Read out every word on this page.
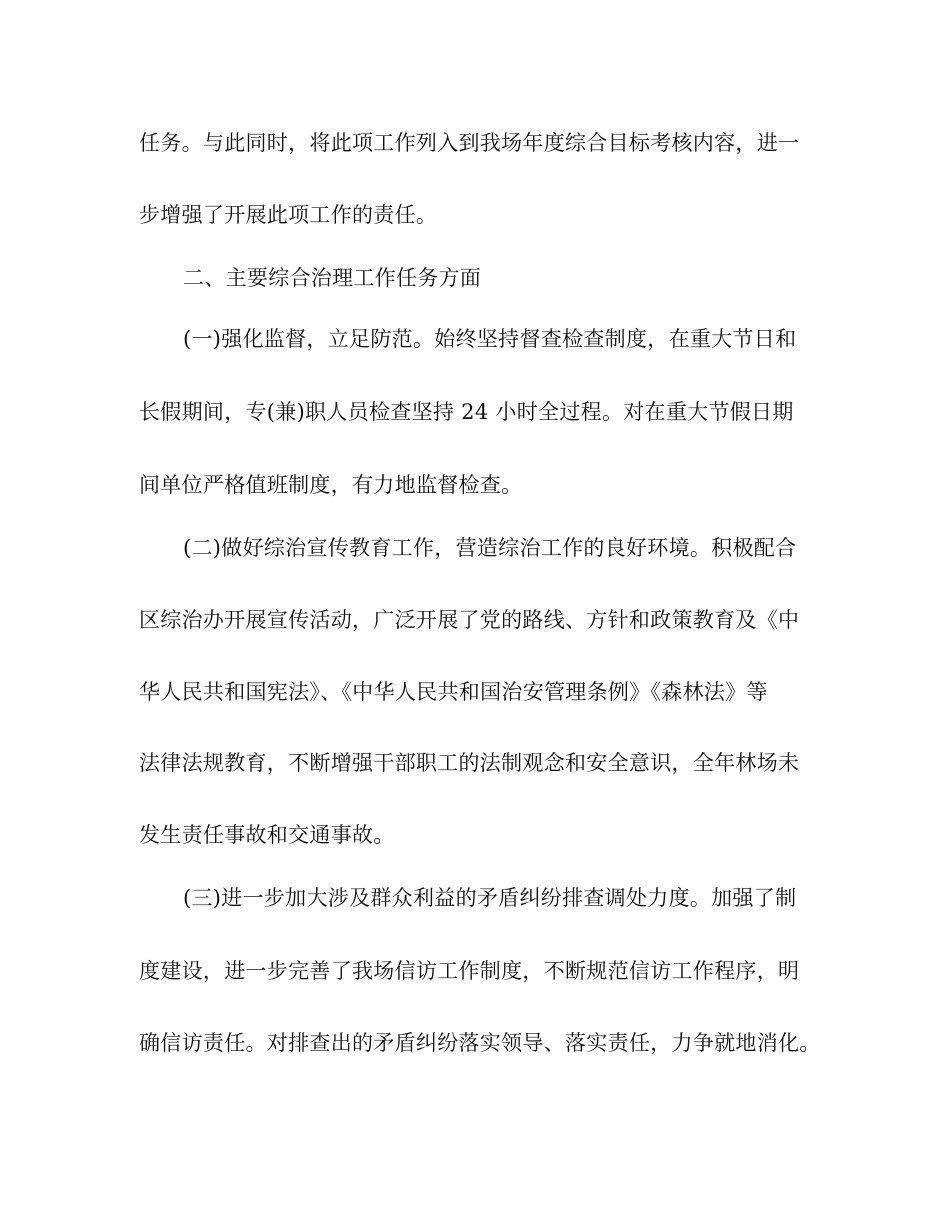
任务。与此同时，将此项工作列入到我场年度综合目标考核内容，进一
步增强了开展此项工作的责任。
二、主要综合治理工作任务方面
(一)强化监督，立足防范。始终坚持督查检查制度，在重大节日和
长假期间，专(兼)职人员检查坚持 24 小时全过程。对在重大节假日期
间单位严格值班制度，有力地监督检查。
(二)做好综治宣传教育工作，营造综治工作的良好环境。积极配合
区综治办开展宣传活动，广泛开展了党的路线、方针和政策教育及《中
华人民共和国宪法》、《中华人民共和国治安管理条例》《森林法》等
法律法规教育，不断增强干部职工的法制观念和安全意识，全年林场未
发生责任事故和交通事故。
(三)进一步加大涉及群众利益的矛盾纠纷排查调处力度。加强了制
度建设，进一步完善了我场信访工作制度，不断规范信访工作程序，明
确信访责任。对排查出的矛盾纠纷落实领导、落实责任，力争就地消化。
